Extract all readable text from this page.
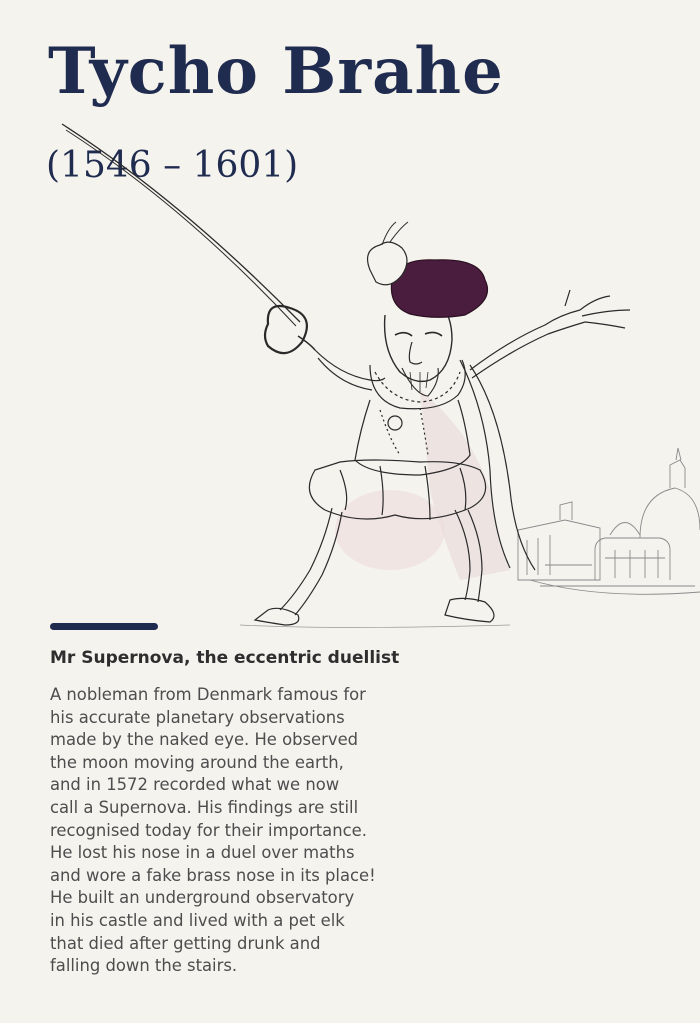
Tycho Brahe
(1546 – 1601)
Mr Supernova, the eccentric duellist

A nobleman from Denmark famous for
his accurate planetary observations
made by the naked eye. He observed
the moon moving around the earth,
and in 1572 recorded what we now
call a Supernova. His findings are still
recognised today for their importance.
He lost his nose in a duel over maths
and wore a fake brass nose in its place!
He built an underground observatory
in his castle and lived with a pet elk
that died after getting drunk and
falling down the stairs.
